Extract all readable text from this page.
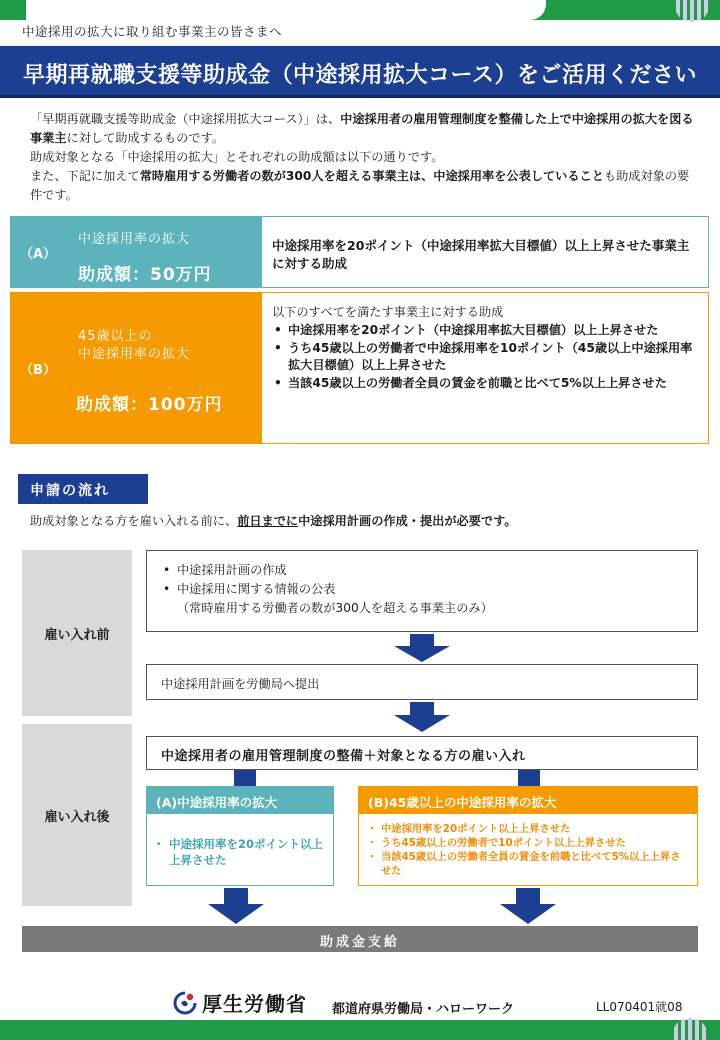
中途採用の拡大に取り組む事業主の皆さまへ
早期再就職支援等助成金（中途採用拡大コース）をご活用ください

「早期再就職支援等助成金（中途採用拡大コース）」は、中途採用者の雇用管理制度を整備した上で中途採用の拡大を図る事業主に対して助成するものです。

助成対象となる「中途採用の拡大」とそれぞれの助成額は以下の通りです。

また、下記に加えて常時雇用する労働者の数が300人を超える事業主は、中途採用率を公表していることも助成対象の要件です。

（A）
中途採用率の拡大
助成額：50万円
中途採用率を20ポイント（中途採用率拡大目標値）以上上昇させた事業主に対する助成
（B）
45歳以上の
中途採用率の拡大
助成額：100万円
以下のすべてを満たす事業主に対する助成
• 中途採用率を20ポイント（中途採用率拡大目標値）以上上昇させた
• うち45歳以上の労働者で中途採用率を10ポイント（45歳以上中途採用率拡大目標値）以上上昇させた
• 当該45歳以上の労働者全員の賃金を前職と比べて5%以上上昇させた
申請の流れ
助成対象となる方を雇い入れる前に、前日までに中途採用計画の作成・提出が必要です。
雇い入れ前
雇い入れ後
• 中途採用計画の作成
• 中途採用に関する情報の公表
（常時雇用する労働者の数が300人を超える事業主のみ）
中途採用計画を労働局へ提出
中途採用者の雇用管理制度の整備＋対象となる方の雇い入れ
(A)中途採用率の拡大
・ 中途採用率を20ポイント以上上昇させた
(B)45歳以上の中途採用率の拡大
・ 中途採用率を20ポイント以上上昇させた
・ うち45歳以上の労働者で10ポイント以上上昇させた
・ 当該45歳以上の労働者全員の賃金を前職と比べて5%以上上昇させた
助成金支給
厚生労働省 都道府県労働局・ハローワーク	LL070401就08
